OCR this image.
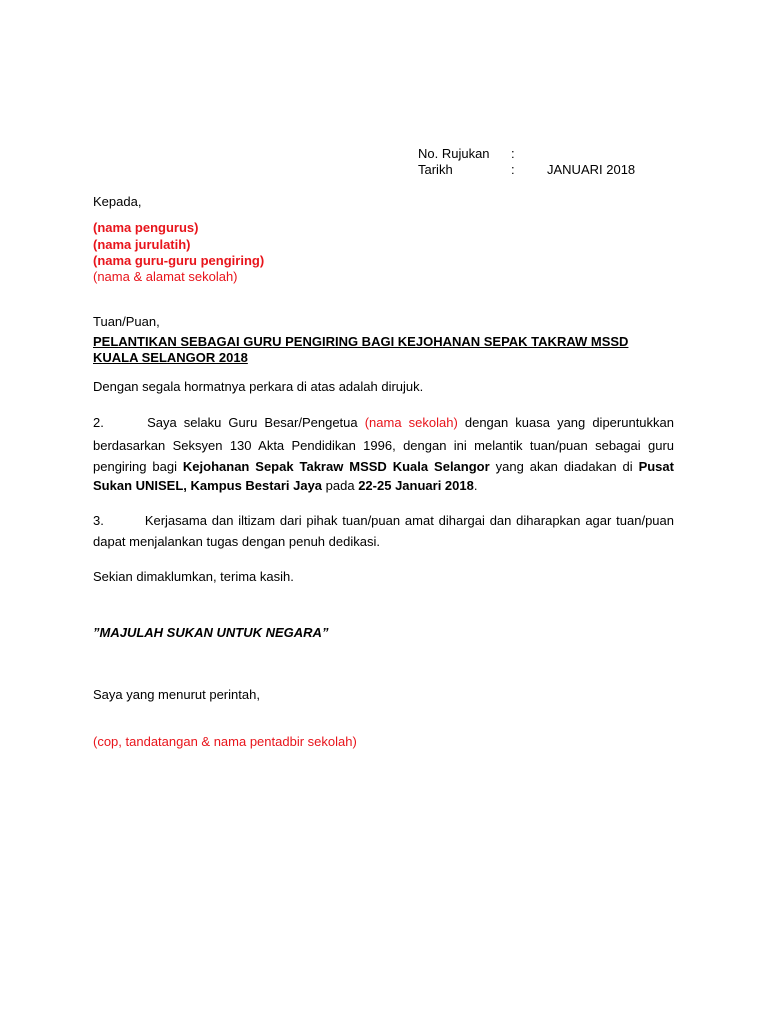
No. Rujukan	:
Tarikh	:	JANUARI 2018
Kepada,
(nama pengurus)
(nama jurulatih)
(nama guru-guru pengiring)
(nama & alamat sekolah)
Tuan/Puan,
PELANTIKAN SEBAGAI GURU PENGIRING BAGI KEJOHANAN SEPAK TAKRAW MSSD
KUALA SELANGOR 2018
Dengan segala hormatnya perkara di atas adalah dirujuk.
2.	Saya selaku Guru Besar/Pengetua (nama sekolah) dengan kuasa yang diperuntukkan
berdasarkan Seksyen 130 Akta Pendidikan 1996, dengan ini melantik tuan/puan sebagai guru
pengiring bagi Kejohanan Sepak Takraw MSSD Kuala Selangor yang akan diadakan di Pusat
Sukan UNISEL, Kampus Bestari Jaya pada 22-25 Januari 2018.
3.	Kerjasama dan iltizam dari pihak tuan/puan amat dihargai dan diharapkan agar tuan/puan
dapat menjalankan tugas dengan penuh dedikasi.
Sekian dimaklumkan, terima kasih.
”MAJULAH SUKAN UNTUK NEGARA”
Saya yang menurut perintah,
(cop, tandatangan & nama pentadbir sekolah)
